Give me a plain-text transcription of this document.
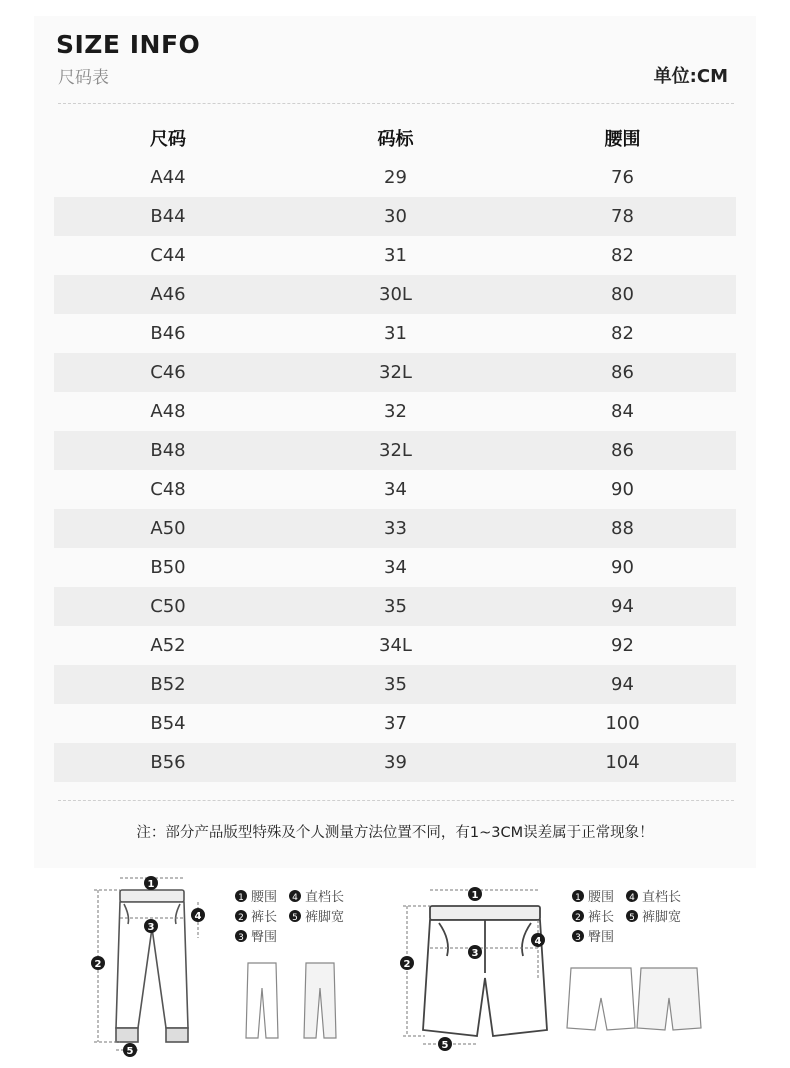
SIZE INFO
尺码表	单位:CM
尺码	码标	腰围
A44	29	76
B44	30	78
C44	31	82
A46	30L	80
B46	31	82
C46	32L	86
A48	32	84
B48	32L	86
C48	34	90
A50	33	88
B50	34	90
C50	35	94
A52	34L	92
B52	35	94
B54	37	100
B56	39	104
注：部分产品版型特殊及个人测量方法位置不同，有1~3CM误差属于正常现象！
1
2
3
4
5
1 腰围 4 直档长
2 裤长 5 裤脚宽
3 臀围
1
2
3
4
5
1 腰围 4 直档长
2 裤长 5 裤脚宽
3 臀围
